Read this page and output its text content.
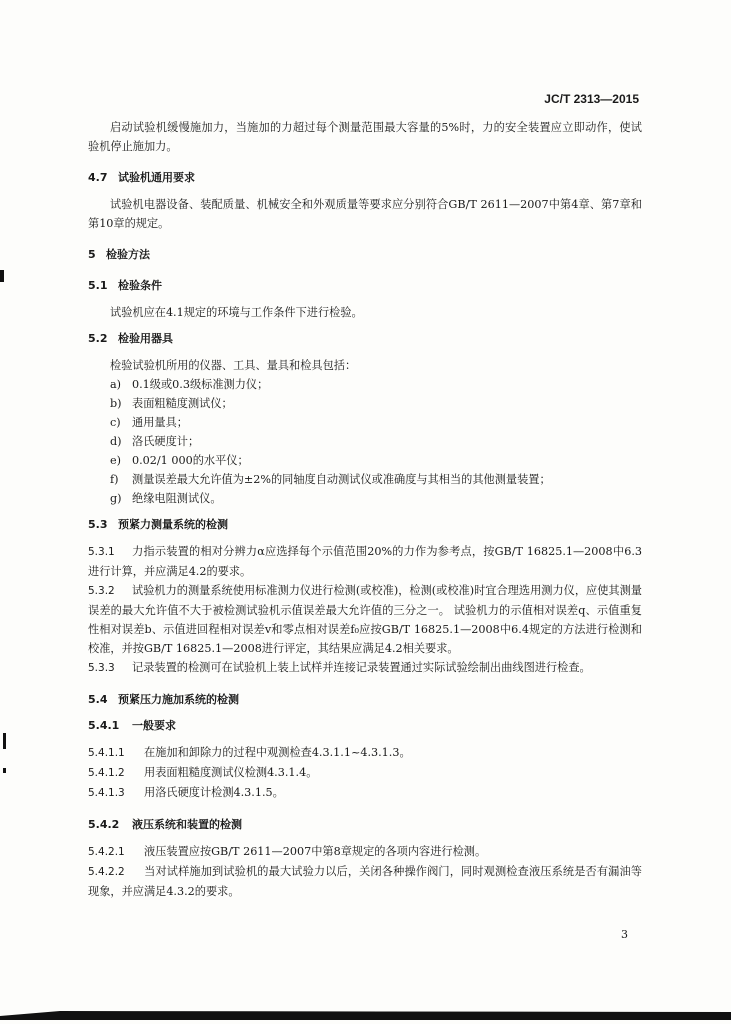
JC/T 2313—2015

启动试验机缓慢施加力，当施加的力超过每个测量范围最大容量的5%时，力的安全装置应立即动作，使试验机停止施加力。

4.7 试验机通用要求

试验机电器设备、装配质量、机械安全和外观质量等要求应分别符合GB/T 2611—2007中第4章、第7章和第10章的规定。

5 检验方法

5.1 检验条件

试验机应在4.1规定的环境与工作条件下进行检验。

5.2 检验用器具

检验试验机所用的仪器、工具、量具和检具包括：

a) 0.1级或0.3级标准测力仪；

b) 表面粗糙度测试仪；

c) 通用量具；

d) 洛氏硬度计；

e) 0.02/1 000的水平仪；

f) 测量误差最大允许值为±2%的同轴度自动测试仪或准确度与其相当的其他测量装置；

g) 绝缘电阻测试仪。

5.3 预紧力测量系统的检测

5.3.1 力指示装置的相对分辨力α应选择每个示值范围20%的力作为参考点，按GB/T 16825.1—2008中6.3进行计算，并应满足4.2的要求。

5.3.2 试验机力的测量系统使用标准测力仪进行检测(或校准)，检测(或校准)时宜合理选用测力仪，应使其测量误差的最大允许值不大于被检测试验机示值误差最大允许值的三分之一。 试验机力的示值相对误差q、示值重复性相对误差b、示值进回程相对误差v和零点相对误差f₀应按GB/T 16825.1—2008中6.4规定的方法进行检测和校准，并按GB/T 16825.1—2008进行评定，其结果应满足4.2相关要求。

5.3.3 记录装置的检测可在试验机上装上试样并连接记录装置通过实际试验绘制出曲线图进行检查。

5.4 预紧压力施加系统的检测

5.4.1 一般要求

5.4.1.1 在施加和卸除力的过程中观测检查4.3.1.1~4.3.1.3。

5.4.1.2 用表面粗糙度测试仪检测4.3.1.4。

5.4.1.3 用洛氏硬度计检测4.3.1.5。

5.4.2 液压系统和装置的检测

5.4.2.1 液压装置应按GB/T 2611—2007中第8章规定的各项内容进行检测。

5.4.2.2 当对试样施加到试验机的最大试验力以后，关闭各种操作阀门，同时观测检查液压系统是否有漏油等现象，并应满足4.3.2的要求。

3
